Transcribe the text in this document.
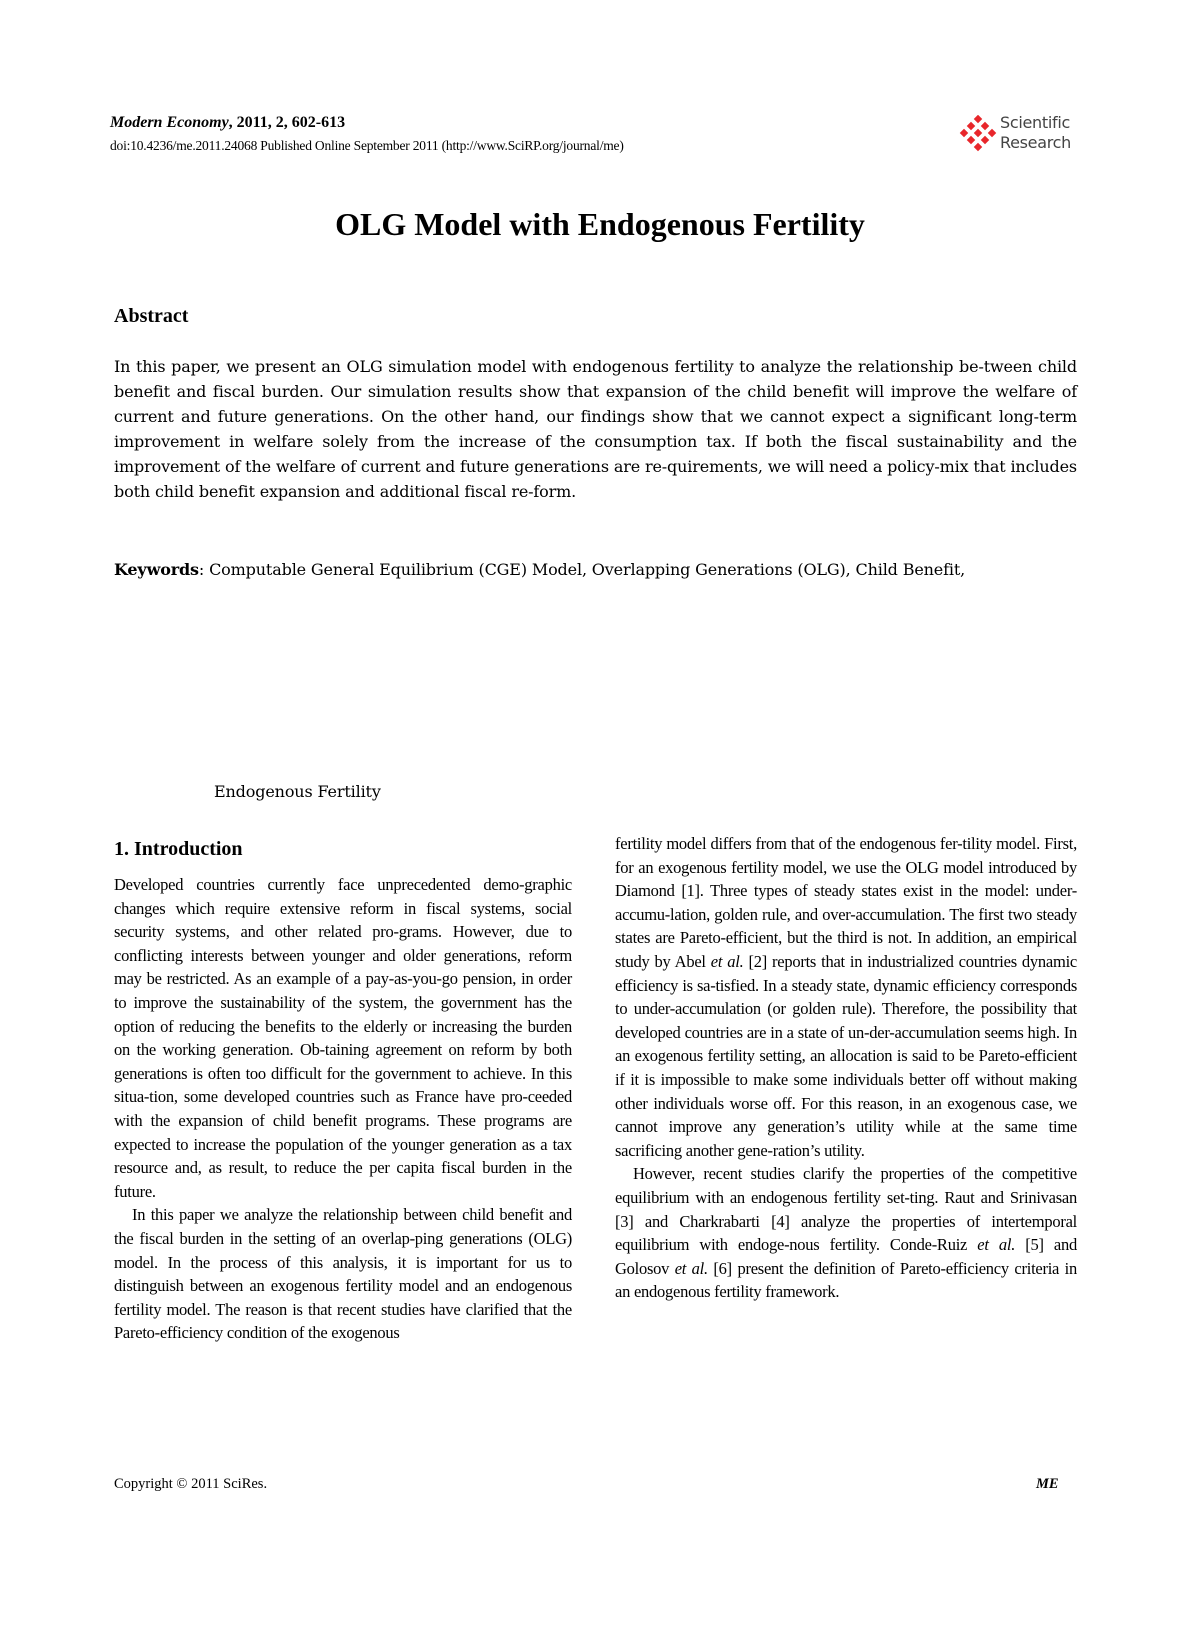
Modern Economy, 2011, 2, 602-613
doi:10.4236/me.2011.24068 Published Online September 2011 (http://www.SciRP.org/journal/me)
Scientific
Research
OLG Model with Endogenous Fertility
Abstract
In this paper, we present an OLG simulation model with endogenous fertility to analyze the relationship be-tween child benefit and fiscal burden. Our simulation results show that expansion of the child benefit will improve the welfare of current and future generations. On the other hand, our findings show that we cannot expect a significant long-term improvement in welfare solely from the increase of the consumption tax. If both the fiscal sustainability and the improvement of the welfare of current and future generations are re-quirements, we will need a policy-mix that includes both child benefit expansion and additional fiscal re-form.
Keywords: Computable General Equilibrium (CGE) Model, Overlapping Generations (OLG), Child Benefit,
Endogenous Fertility
1. Introduction

Developed countries currently face unprecedented demo-graphic changes which require extensive reform in fiscal systems, social security systems, and other related pro-grams. However, due to conflicting interests between younger and older generations, reform may be restricted. As an example of a pay-as-you-go pension, in order to improve the sustainability of the system, the government has the option of reducing the benefits to the elderly or increasing the burden on the working generation. Ob-taining agreement on reform by both generations is often too difficult for the government to achieve. In this situa-tion, some developed countries such as France have pro-ceeded with the expansion of child benefit programs. These programs are expected to increase the population of the younger generation as a tax resource and, as result, to reduce the per capita fiscal burden in the future.

In this paper we analyze the relationship between child benefit and the fiscal burden in the setting of an overlap-ping generations (OLG) model. In the process of this analysis, it is important for us to distinguish between an exogenous fertility model and an endogenous fertility model. The reason is that recent studies have clarified that the Pareto-efficiency condition of the exogenous

fertility model differs from that of the endogenous fer-tility model. First, for an exogenous fertility model, we use the OLG model introduced by Diamond [1]. Three types of steady states exist in the model: under-accumu-lation, golden rule, and over-accumulation. The first two steady states are Pareto-efficient, but the third is not. In addition, an empirical study by Abel et al. [2] reports that in industrialized countries dynamic efficiency is sa-tisfied. In a steady state, dynamic efficiency corresponds to under-accumulation (or golden rule). Therefore, the possibility that developed countries are in a state of un-der-accumulation seems high. In an exogenous fertility setting, an allocation is said to be Pareto-efficient if it is impossible to make some individuals better off without making other individuals worse off. For this reason, in an exogenous case, we cannot improve any generation’s utility while at the same time sacrificing another gene-ration’s utility.

However, recent studies clarify the properties of the competitive equilibrium with an endogenous fertility set-ting. Raut and Srinivasan [3] and Charkrabarti [4] analyze the properties of intertemporal equilibrium with endoge-nous fertility. Conde-Ruiz et al. [5] and Golosov et al. [6] present the definition of Pareto-efficiency criteria in an endogenous fertility framework.

Copyright © 2011 SciRes.	ME
